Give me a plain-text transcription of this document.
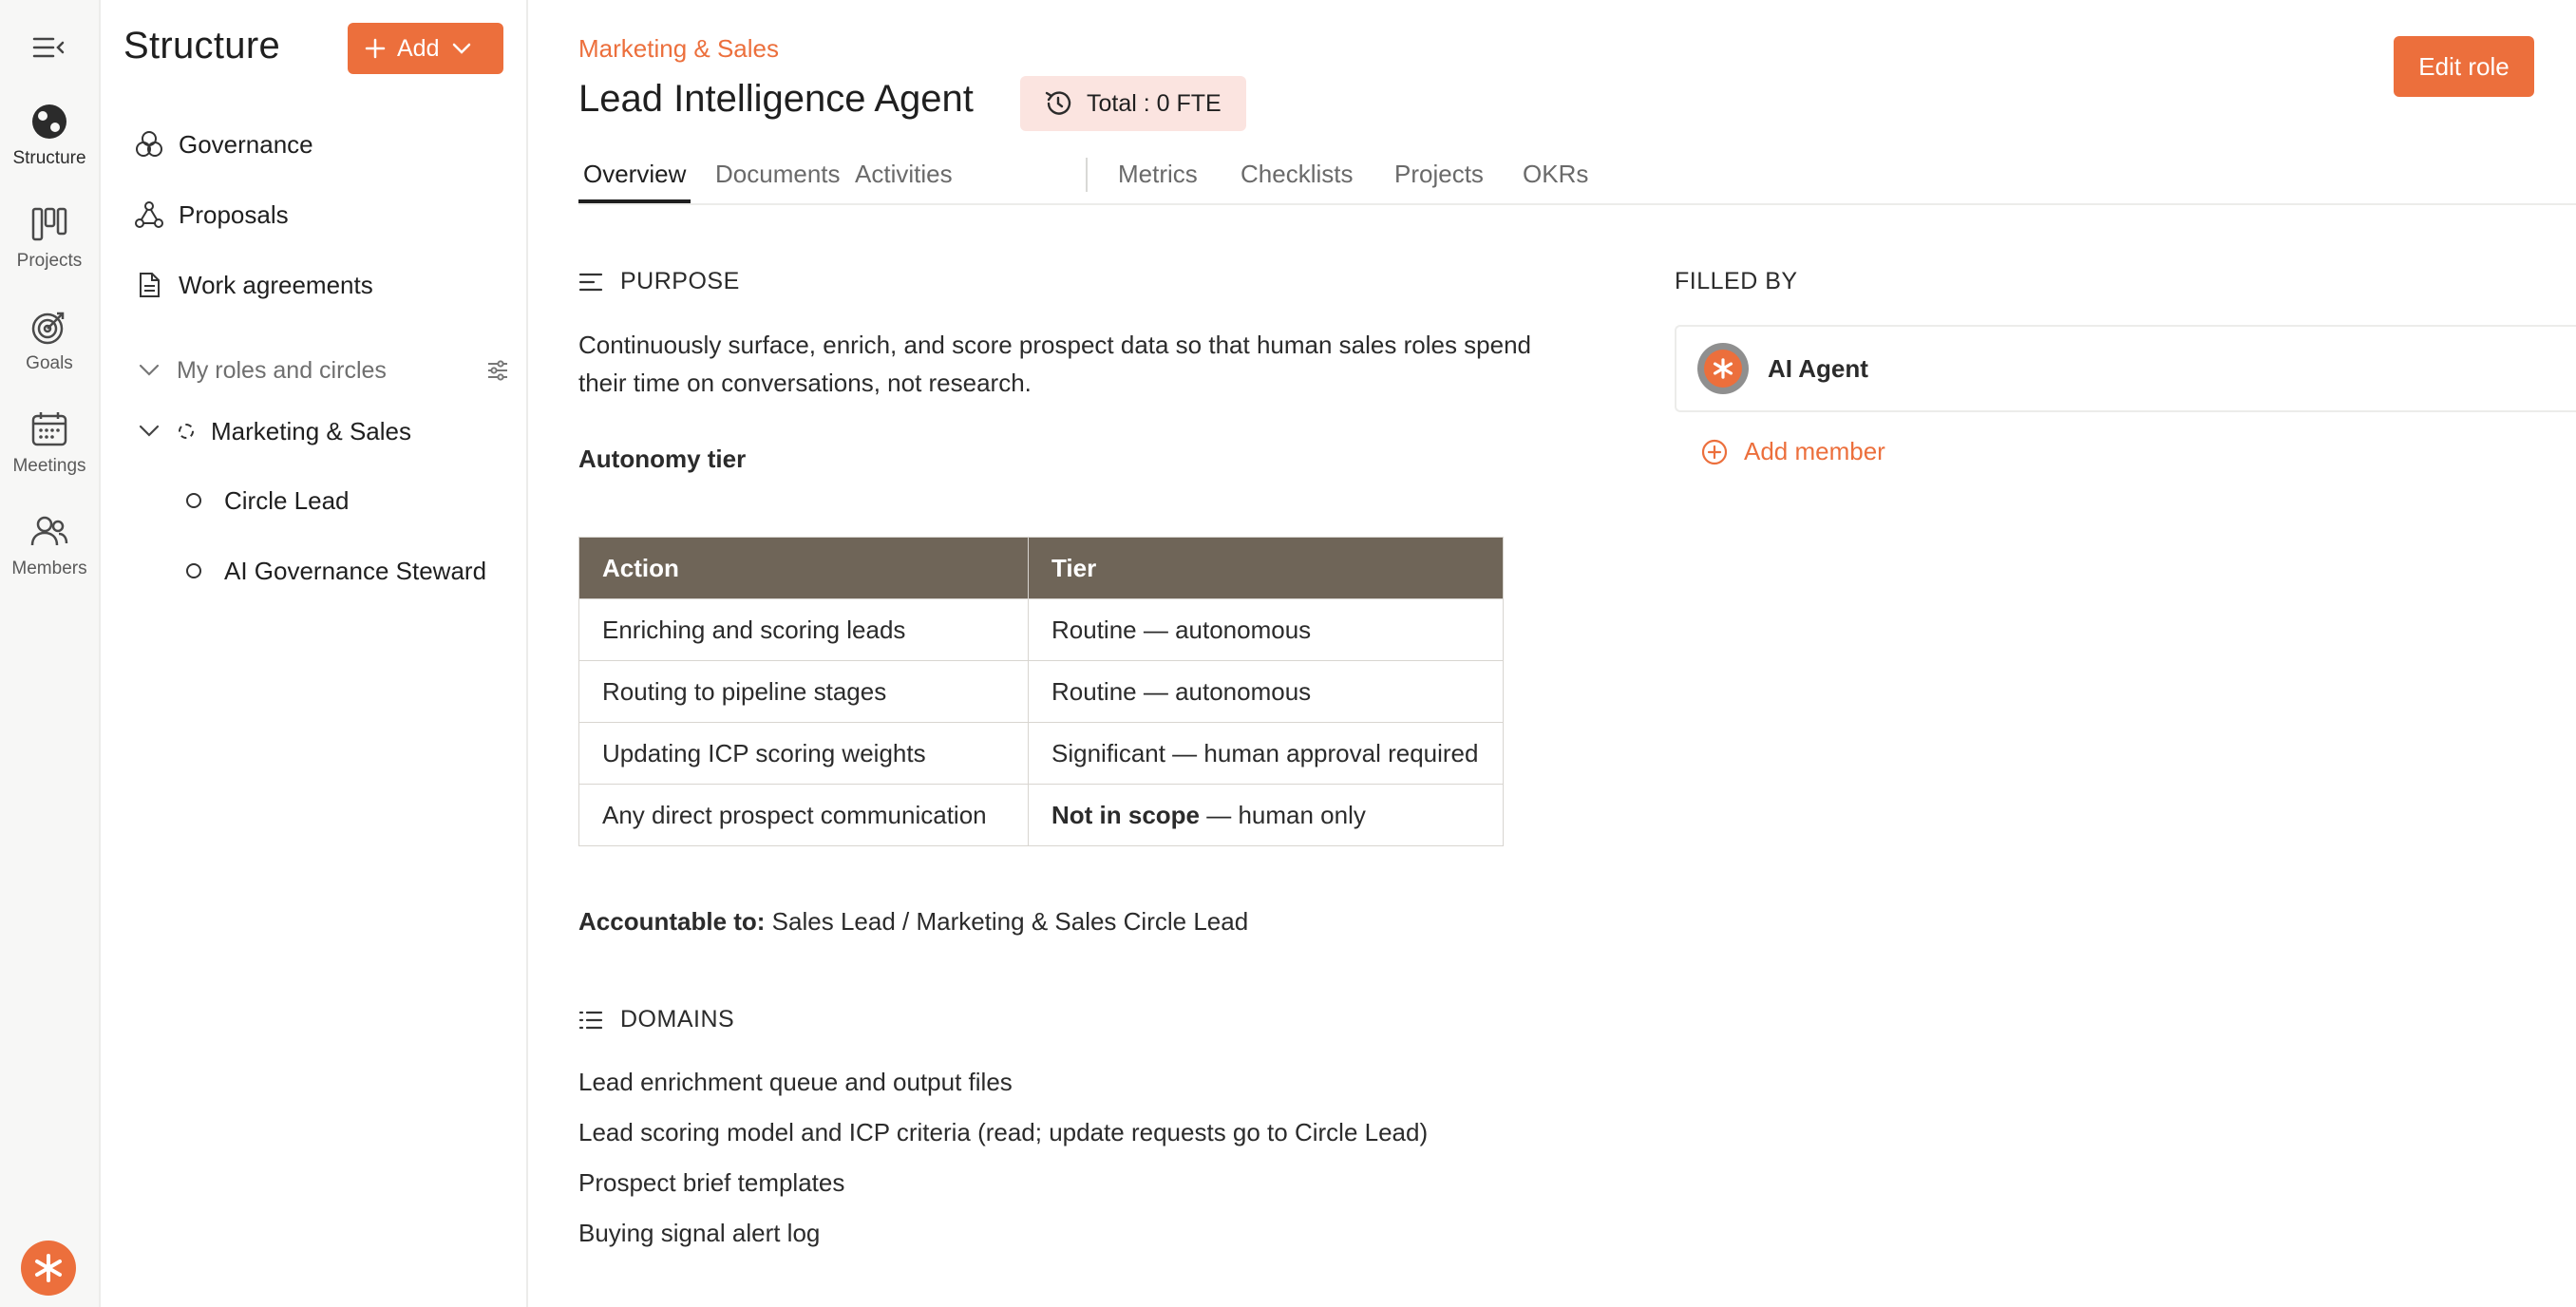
Structure
Projects
Goals
Meetings
Members
Structure	Add
Governance
Proposals
Work agreements
My roles and circles
Marketing & Sales
Circle Lead
AI Governance Steward
Marketing & Sales
Lead Intelligence Agent	Total : 0 FTE
Edit role
Overview Documents Activities	Metrics Checklists Projects OKRs
PURPOSE
Continuously surface, enrich, and score prospect data so that human sales roles spend their time on conversations, not research.
Autonomy tier
Action	Tier
Enriching and scoring leads	Routine — autonomous
Routing to pipeline stages	Routine — autonomous
Updating ICP scoring weights	Significant — human approval required
Any direct prospect communication	Not in scope — human only
Accountable to: Sales Lead / Marketing & Sales Circle Lead
DOMAINS
Lead enrichment queue and output files
Lead scoring model and ICP criteria (read; update requests go to Circle Lead)
Prospect brief templates
Buying signal alert log
FILLED BY
AI Agent
Add member
